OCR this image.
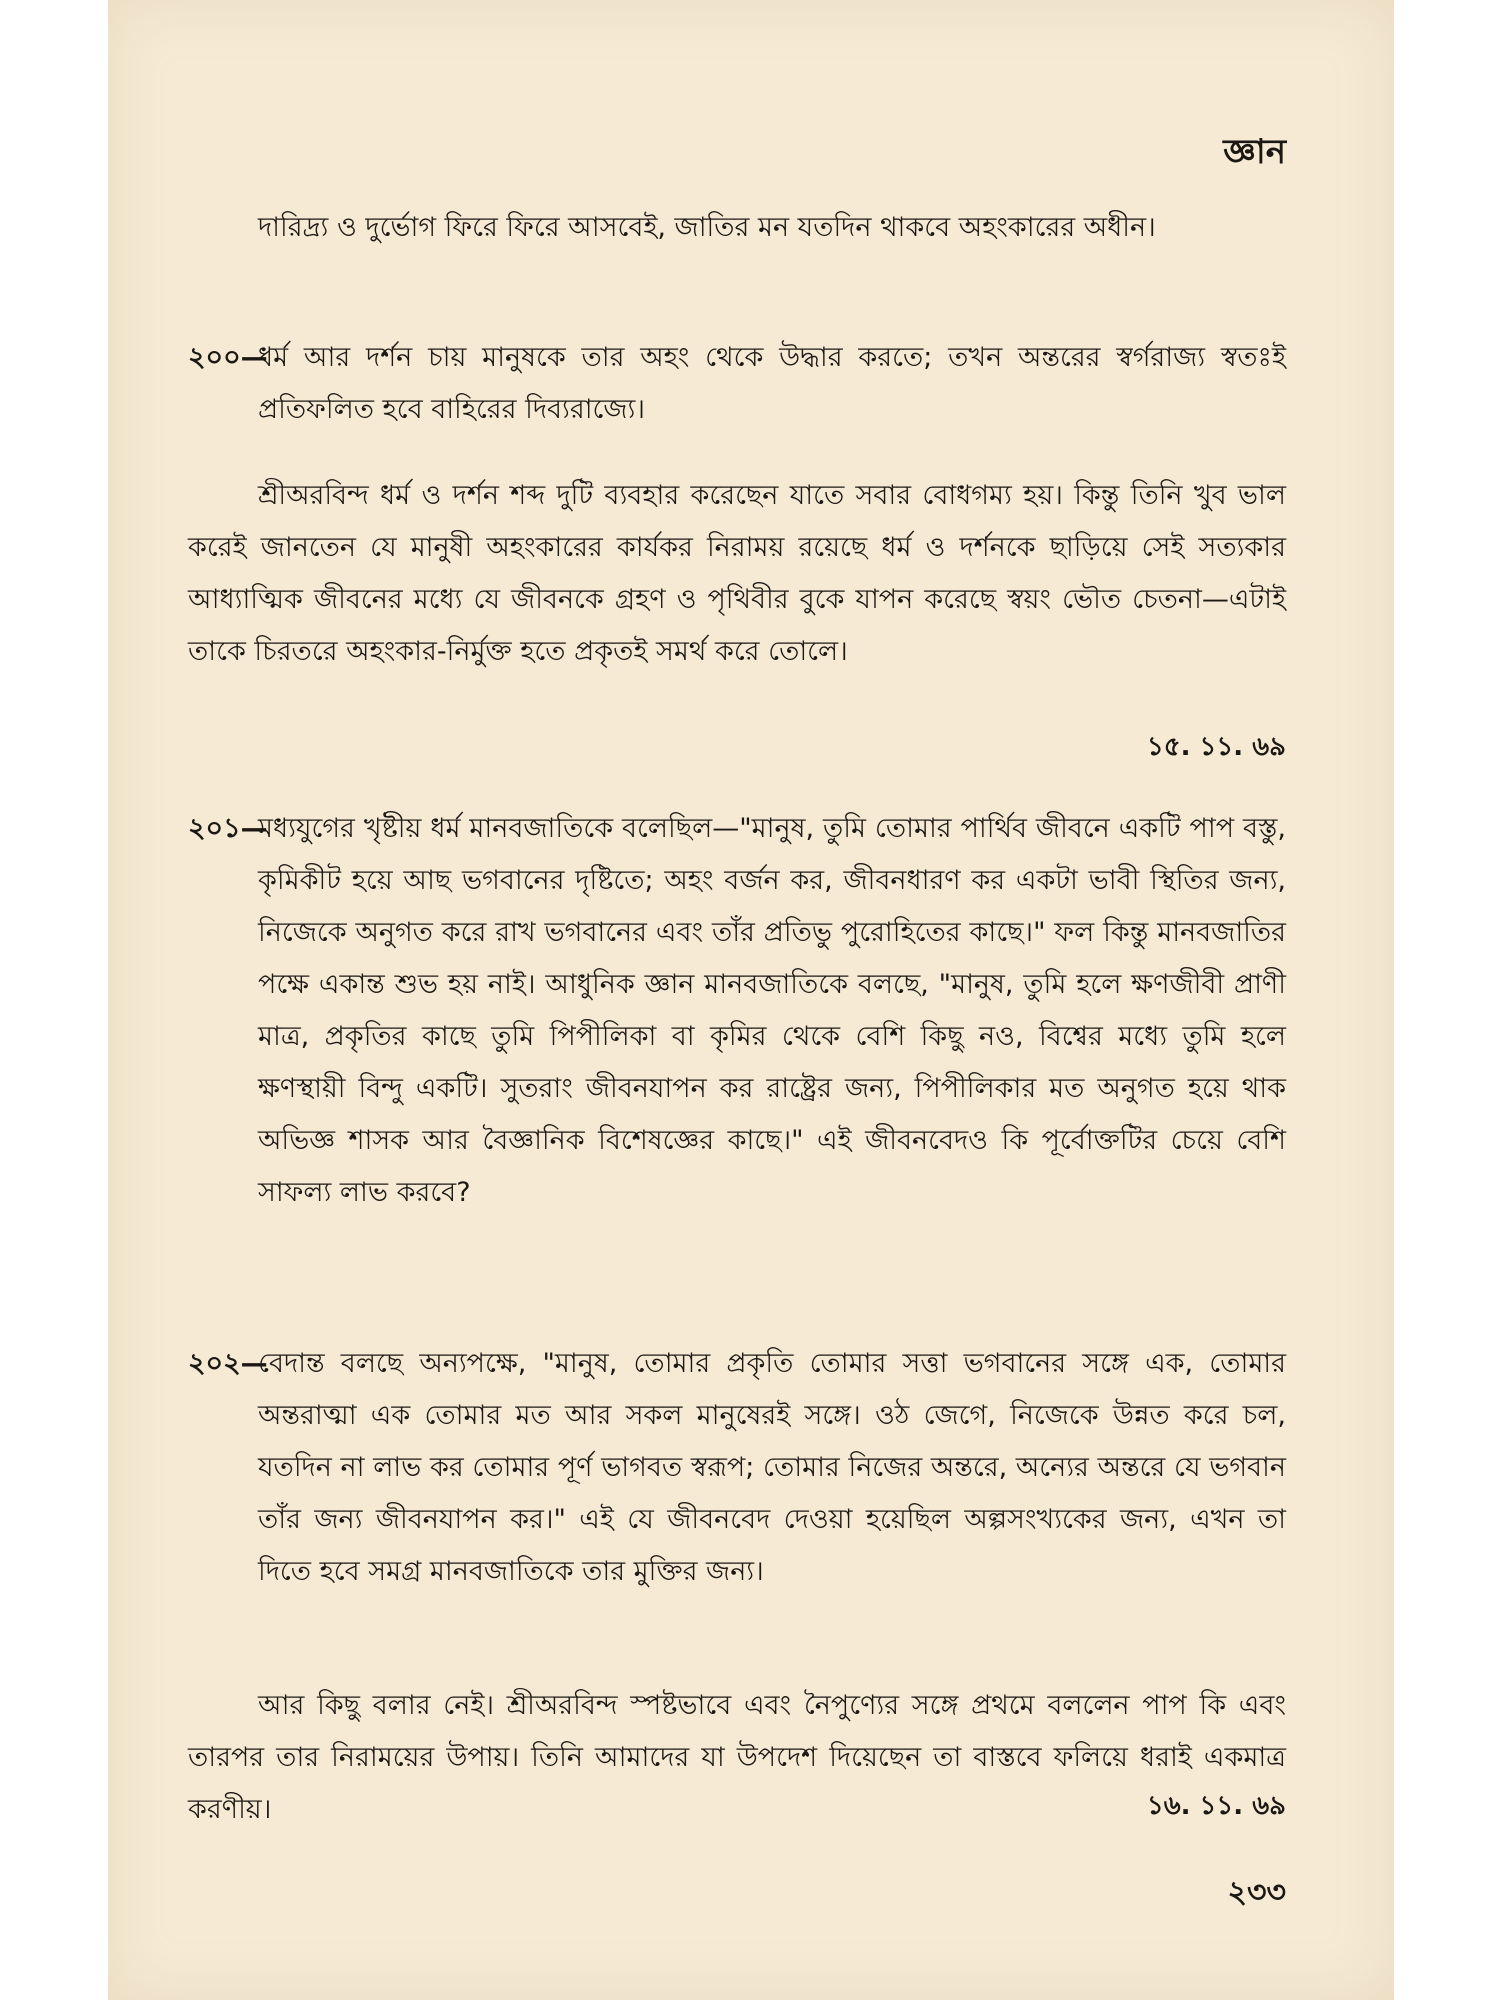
জ্ঞান
দারিদ্র্য ও দুর্ভোগ ফিরে ফিরে আসবেই, জাতির মন যতদিন থাকবে অহংকারের অধীন।
২০০—
ধর্ম আর দর্শন চায় মানুষকে তার অহং থেকে উদ্ধার করতে; তখন অন্তরের স্বর্গরাজ্য স্বতঃই প্রতিফলিত হবে বাহিরের দিব্যরাজ্যে।
শ্রীঅরবিন্দ ধর্ম ও দর্শন শব্দ দুটি ব্যবহার করেছেন যাতে সবার বোধগম্য হয়। কিন্তু তিনি খুব ভাল করেই জানতেন যে মানুষী অহংকারের কার্যকর নিরাময় রয়েছে ধর্ম ও দর্শনকে ছাড়িয়ে সেই সত্যকার আধ্যাত্মিক জীবনের মধ্যে যে জীবনকে গ্রহণ ও পৃথিবীর বুকে যাপন করেছে স্বয়ং ভৌত চেতনা—এটাই তাকে চিরতরে অহংকার-নির্মুক্ত হতে প্রকৃতই সমর্থ করে তোলে।
১৫. ১১. ৬৯
২০১—
মধ্যযুগের খৃষ্টীয় ধর্ম মানবজাতিকে বলেছিল—"মানুষ, তুমি তোমার পার্থিব জীবনে একটি পাপ বস্তু, কৃমিকীট হয়ে আছ ভগবানের দৃষ্টিতে; অহং বর্জন কর, জীবনধারণ কর একটা ভাবী স্থিতির জন্য, নিজেকে অনুগত করে রাখ ভগবানের এবং তাঁর প্রতিভু পুরোহিতের কাছে।" ফল কিন্তু মানবজাতির পক্ষে একান্ত শুভ হয় নাই। আধুনিক জ্ঞান মানবজাতিকে বলছে, "মানুষ, তুমি হলে ক্ষণজীবী প্রাণী মাত্র, প্রকৃতির কাছে তুমি পিপীলিকা বা কৃমির থেকে বেশি কিছু নও, বিশ্বের মধ্যে তুমি হলে ক্ষণস্থায়ী বিন্দু একটি। সুতরাং জীবনযাপন কর রাষ্ট্রের জন্য, পিপীলিকার মত অনুগত হয়ে থাক অভিজ্ঞ শাসক আর বৈজ্ঞানিক বিশেষজ্ঞের কাছে।" এই জীবনবেদও কি পূর্বোক্তটির চেয়ে বেশি সাফল্য লাভ করবে?
২০২—
বেদান্ত বলছে অন্যপক্ষে, "মানুষ, তোমার প্রকৃতি তোমার সত্তা ভগবানের সঙ্গে এক, তোমার অন্তরাত্মা এক তোমার মত আর সকল মানুষেরই সঙ্গে। ওঠ জেগে, নিজেকে উন্নত করে চল, যতদিন না লাভ কর তোমার পূর্ণ ভাগবত স্বরূপ; তোমার নিজের অন্তরে, অন্যের অন্তরে যে ভগবান তাঁর জন্য জীবনযাপন কর।" এই যে জীবনবেদ দেওয়া হয়েছিল অল্পসংখ্যকের জন্য, এখন তা দিতে হবে সমগ্র মানবজাতিকে তার মুক্তির জন্য।
আর কিছু বলার নেই। শ্রীঅরবিন্দ স্পষ্টভাবে এবং নৈপুণ্যের সঙ্গে প্রথমে বললেন পাপ কি এবং তারপর তার নিরাময়ের উপায়। তিনি আমাদের যা উপদেশ দিয়েছেন তা বাস্তবে ফলিয়ে ধরাই একমাত্র করণীয়।	১৬. ১১. ৬৯
২৩৩
